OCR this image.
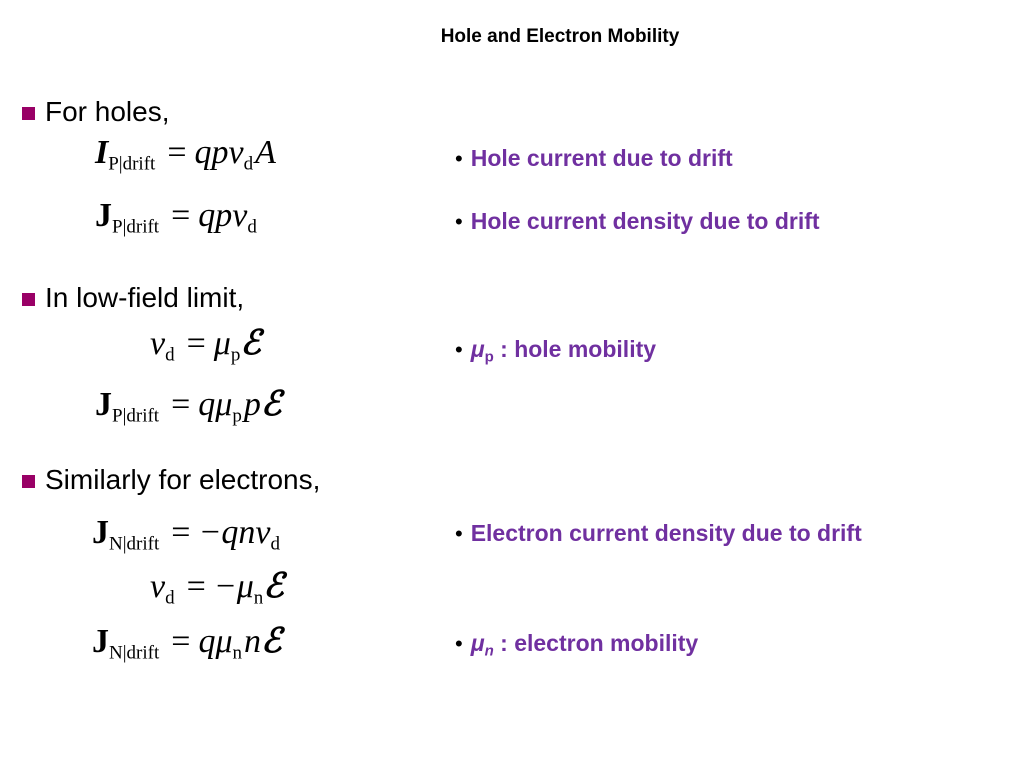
Hole and Electron Mobility
For holes,
$I_{P|drift} = qpv_dA$
$J_{P|drift} = qpv_d$
In low-field limit,
$v_d$ = $\mu_pℰ$
$J_{P|drift}$ = $q\mu_ppℰ$
Similarly for electrons,
$J_{N|drift} = -qnv_d$
$v_d$ = $-\mu_nℰ$
$J_{N|drift}$ = $q\mu_nnℰ$
• Hole current due to drift
• Hole current density due to drift
• μp : hole mobility
• Electron current density due to drift
• μn : electron mobility
